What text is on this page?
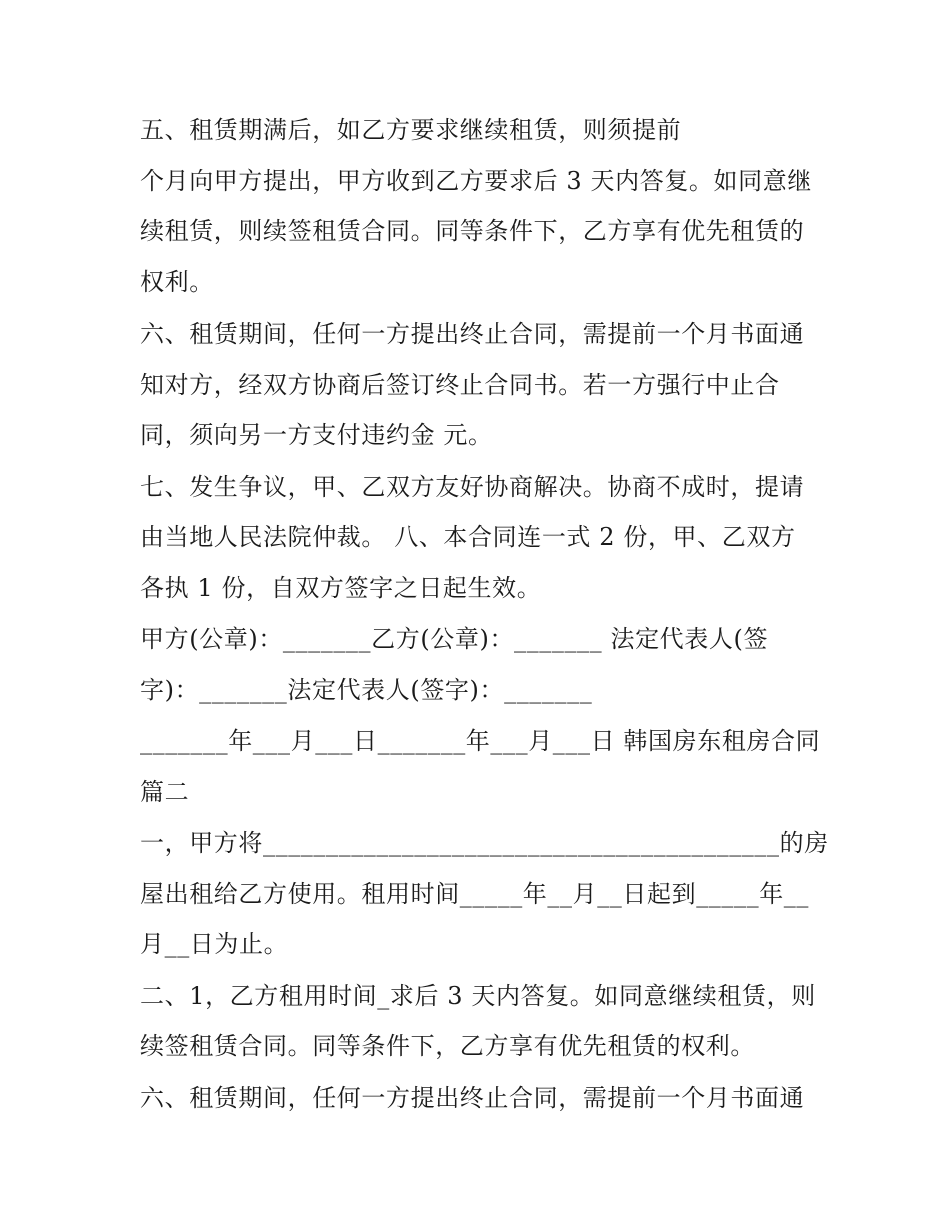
五、租赁期满后，如乙方要求继续租赁，则须提前
个月向甲方提出，甲方收到乙方要求后 3 天内答复。如同意继
续租赁，则续签租赁合同。同等条件下，乙方享有优先租赁的
权利。
六、租赁期间，任何一方提出终止合同，需提前一个月书面通
知对方，经双方协商后签订终止合同书。若一方强行中止合
同，须向另一方支付违约金 元。
七、发生争议，甲、乙双方友好协商解决。协商不成时，提请
由当地人民法院仲裁。 八、本合同连一式 2 份，甲、乙双方
各执 1 份，自双方签字之日起生效。
甲方(公章)：_______乙方(公章)：_______ 法定代表人(签
字)：_______法定代表人(签字)：_______
_______年___月___日_______年___月___日 韩国房东租房合同
篇二
一，甲方将_________________________________________的房
屋出租给乙方使用。租用时间_____年__月__日起到_____年__
月__日为止。
二、1，乙方租用时间_求后 3 天内答复。如同意继续租赁，则
续签租赁合同。同等条件下，乙方享有优先租赁的权利。
六、租赁期间，任何一方提出终止合同，需提前一个月书面通
